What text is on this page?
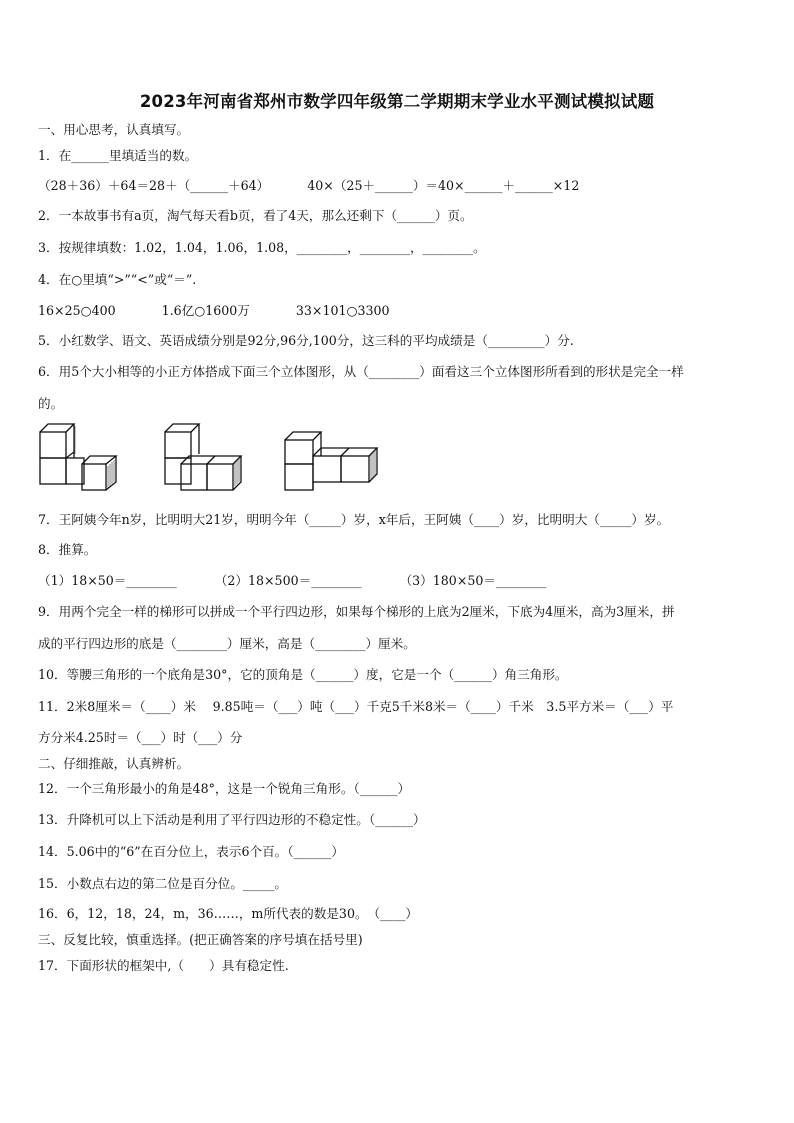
2023年河南省郑州市数学四年级第二学期期末学业水平测试模拟试题
一、用心思考，认真填写。
1．在______里填适当的数。
（28＋36）＋64＝28＋（______＋64）	40×（25＋______）＝40×______＋______×12
2．一本故事书有a页，淘气每天看b页，看了4天，那么还剩下（______）页。
3．按规律填数：1.02，1.04，1.06，1.08，________，________，________。
4．在○里填“>”“<”或“＝”.
16×25○400	1.6亿○1600万	33×101○3300
5．小红数学、语文、英语成绩分别是92分,96分,100分，这三科的平均成绩是（_________）分.
6．用5个大小相等的小正方体搭成下面三个立体图形，从（________）面看这三个立体图形所看到的形状是完全一样
的。
7．王阿姨今年n岁，比明明大21岁，明明今年（_____）岁，x年后，王阿姨（____）岁，比明明大（_____）岁。
8．推算。
（1）18×50＝________	（2）18×500＝________	（3）180×50＝________
9．用两个完全一样的梯形可以拼成一个平行四边形，如果每个梯形的上底为2厘米，下底为4厘米，高为3厘米，拼
成的平行四边形的底是（________）厘米，高是（________）厘米。
10．等腰三角形的一个底角是30°，它的顶角是（______）度，它是一个（______）角三角形。
11．2米8厘米＝（____）米　 9.85吨＝（___）吨（___）千克5千米8米＝（____）千米　3.5平方米＝（___）平
方分米4.25时＝（___）时（___）分
二、仔细推敲，认真辨析。
12．一个三角形最小的角是48°，这是一个锐角三角形。（______）
13．升降机可以上下活动是利用了平行四边形的不稳定性。（______）
14．5.06中的“6”在百分位上，表示6个百。（______）
15．小数点右边的第二位是百分位。_____。
16．6，12，18，24，m，36……，m所代表的数是30。　（____）
三、反复比较，慎重选择。(把正确答案的序号填在括号里)
17．下面形状的框架中,（　　）具有稳定性.
